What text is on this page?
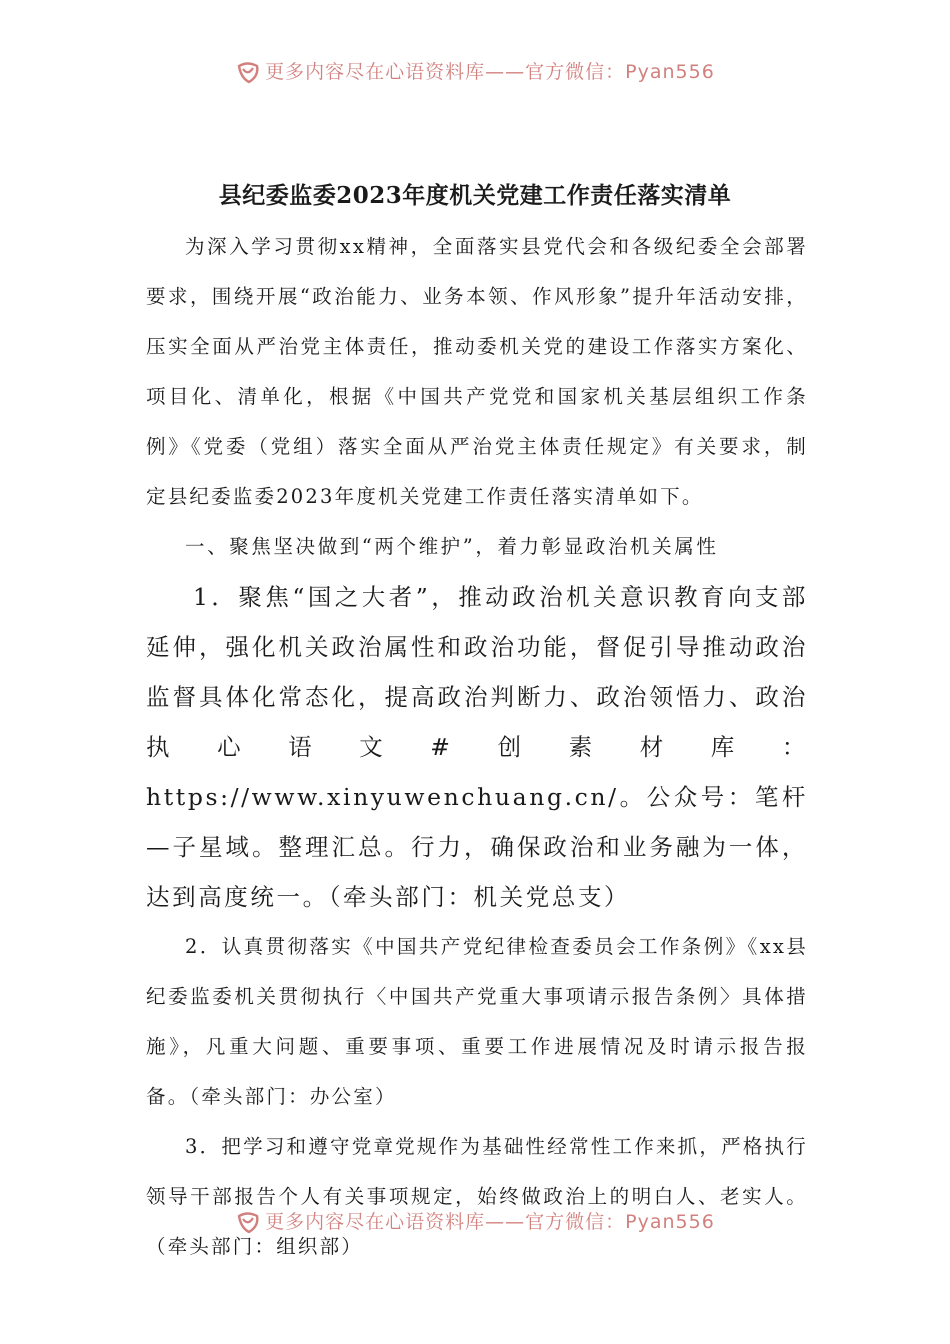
更多内容尽在心语资料库——官方微信：Pyan556
县纪委监委2023年度机关党建工作责任落实清单

为深入学习贯彻xx精神，全面落实县党代会和各级纪委全会部署要求，围绕开展“政治能力、业务本领、作风形象”提升年活动安排，压实全面从严治党主体责任，推动委机关党的建设工作落实方案化、项目化、清单化，根据《中国共产党党和国家机关基层组织工作条例》《党委（党组）落实全面从严治党主体责任规定》有关要求，制定县纪委监委2023年度机关党建工作责任落实清单如下。

一、聚焦坚决做到“两个维护”，着力彰显政治机关属性

1．聚焦“国之大者”，推动政治机关意识教育向支部延伸，强化机关政治属性和政治功能，督促引导推动政治监督具体化常态化，提高政治判断力、政治领悟力、政治执心语文#创素材库：https://www.xinyuwenchuang.cn/。公众号：笔杆—子星域。整理汇总。行力，确保政治和业务融为一体，达到高度统一。（牵头部门：机关党总支）

2．认真贯彻落实《中国共产党纪律检查委员会工作条例》《xx县纪委监委机关贯彻执行〈中国共产党重大事项请示报告条例〉具体措施》，凡重大问题、重要事项、重要工作进展情况及时请示报告报备。（牵头部门：办公室）

3．把学习和遵守党章党规作为基础性经常性工作来抓，严格执行领导干部报告个人有关事项规定，始终做政治上的明白人、老实人。（牵头部门：组织部）

更多内容尽在心语资料库——官方微信：Pyan556
